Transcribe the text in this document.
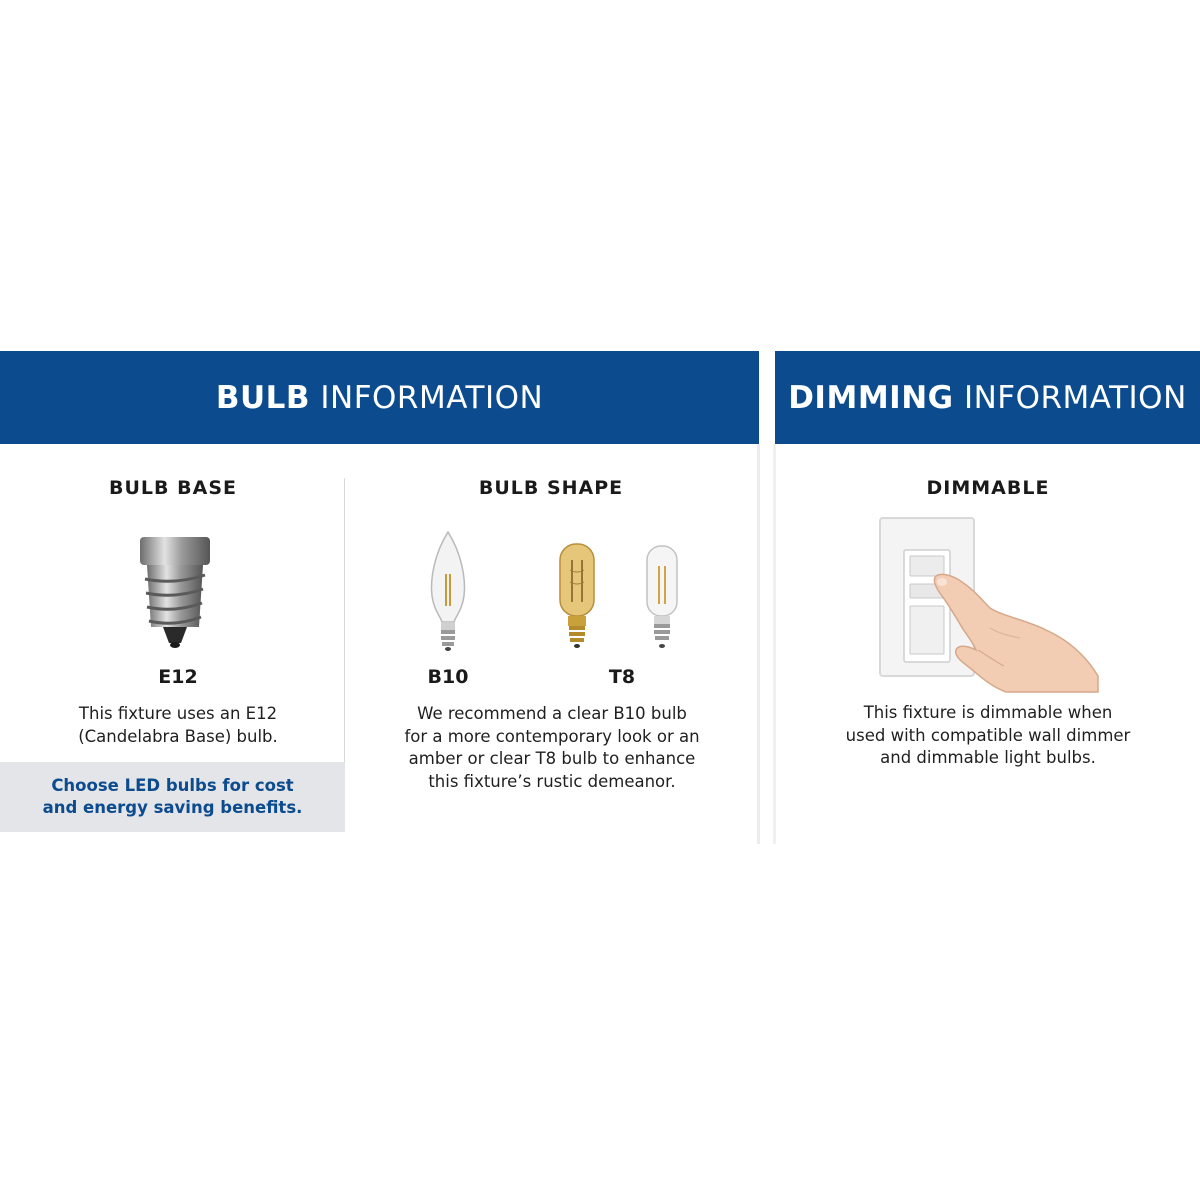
BULB
INFORMATION	DIMMING
INFORMATION
BULB BASE
E12
This fixture uses an E12
(Candelabra Base) bulb.
Choose LED bulbs for cost
and energy saving benefits.
BULB SHAPE
B10	T8
We recommend a clear B10 bulb
for a more contemporary look or an
amber or clear T8 bulb to enhance
this fixture’s rustic demeanor.
DIMMABLE
This fixture is dimmable when
used with compatible wall dimmer
and dimmable light bulbs.
